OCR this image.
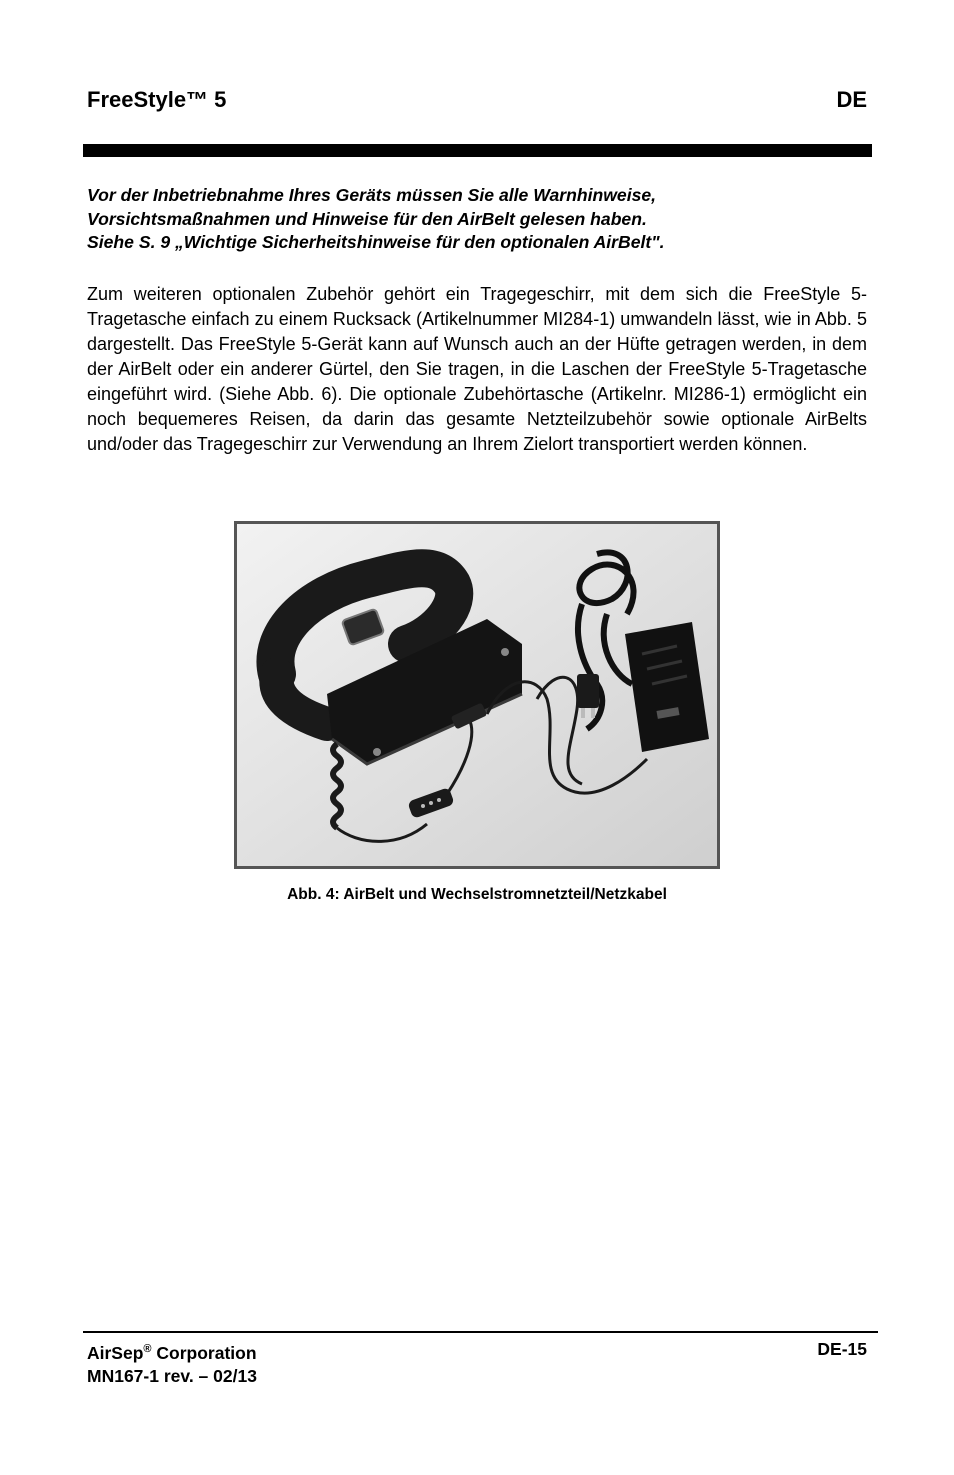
FreeStyle™ 5	DE
Vor der Inbetriebnahme Ihres Geräts müssen Sie alle Warnhinweise,
Vorsichtsmaßnahmen und Hinweise für den AirBelt gelesen haben.
Siehe S. 9 „Wichtige Sicherheitshinweise für den optionalen AirBelt".
Zum weiteren optionalen Zubehör gehört ein Tragegeschirr, mit dem sich die FreeStyle 5-Tragetasche einfach zu einem Rucksack (Artikelnummer MI284-1) umwandeln lässt, wie in Abb. 5 dargestellt. Das FreeStyle 5-Gerät kann auf Wunsch auch an der Hüfte getragen werden, in dem der AirBelt oder ein anderer Gürtel, den Sie tragen, in die Laschen der FreeStyle 5-Tragetasche eingeführt wird. (Siehe Abb. 6). Die optionale Zubehörtasche (Artikelnr. MI286-1) ermöglicht ein noch bequemeres Reisen, da darin das gesamte Netzteilzubehör sowie optionale AirBelts und/oder das Tragegeschirr zur Verwendung an Ihrem Zielort transportiert werden können.
Abb. 4: AirBelt und Wechselstromnetzteil/Netzkabel
AirSep® Corporation
MN167-1 rev. – 02/13
DE-15
